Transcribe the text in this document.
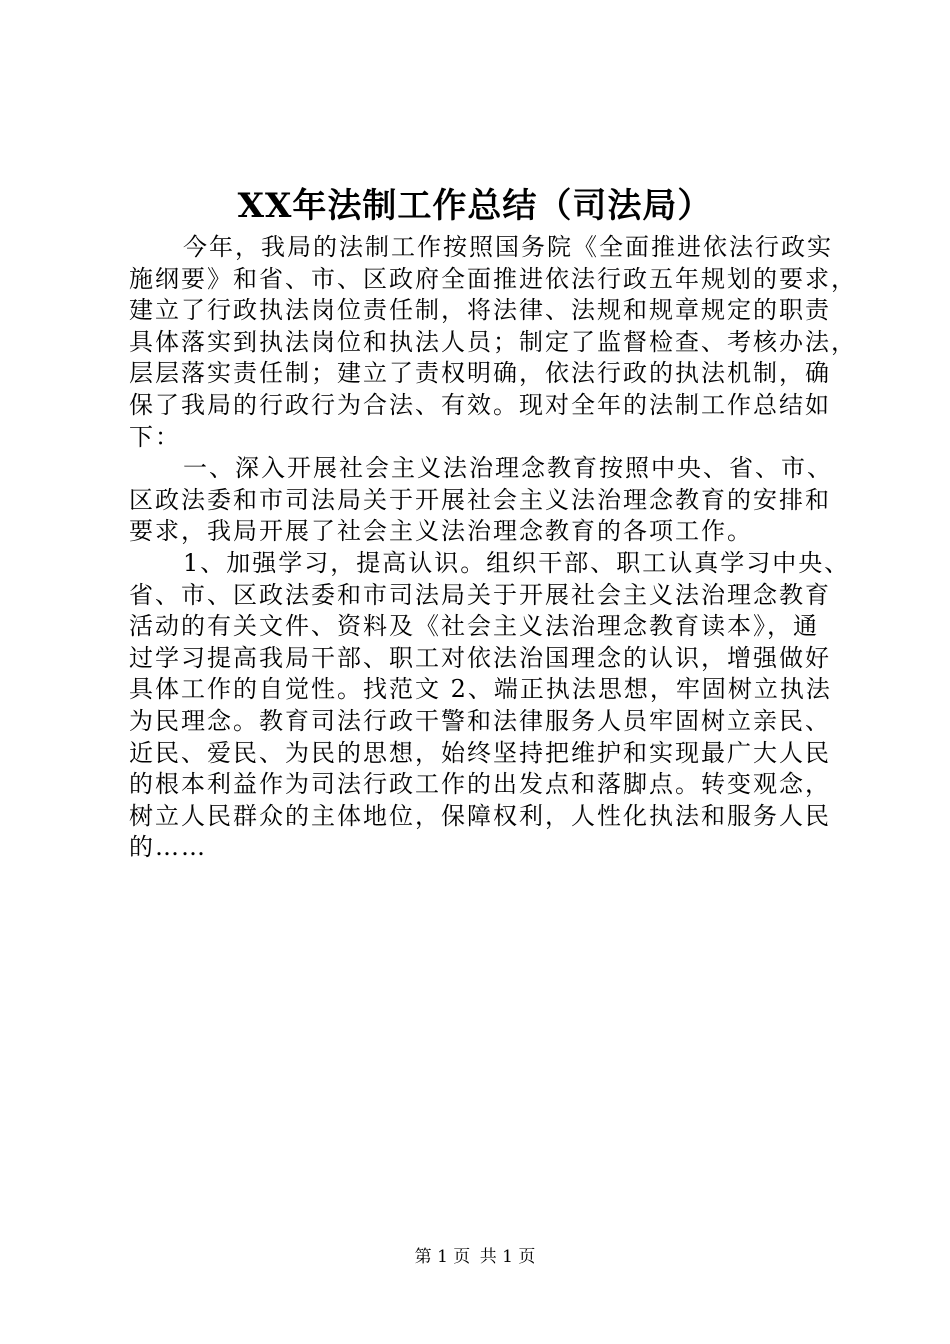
XX年法制工作总结（司法局）
今年，我局的法制工作按照国务院《全面推进依法行政实
施纲要》和省、市、区政府全面推进依法行政五年规划的要求，
建立了行政执法岗位责任制，将法律、法规和规章规定的职责
具体落实到执法岗位和执法人员；制定了监督检查、考核办法，
层层落实责任制；建立了责权明确，依法行政的执法机制，确
保了我局的行政行为合法、有效。现对全年的法制工作总结如
下：
一、深入开展社会主义法治理念教育按照中央、省、市、
区政法委和市司法局关于开展社会主义法治理念教育的安排和
要求，我局开展了社会主义法治理念教育的各项工作。
1、加强学习，提高认识。组织干部、职工认真学习中央、
省、市、区政法委和市司法局关于开展社会主义法治理念教育
活动的有关文件、资料及《社会主义法治理念教育读本》，通
过学习提高我局干部、职工对依法治国理念的认识，增强做好
具体工作的自觉性。找范文 2、端正执法思想，牢固树立执法
为民理念。教育司法行政干警和法律服务人员牢固树立亲民、
近民、爱民、为民的思想，始终坚持把维护和实现最广大人民
的根本利益作为司法行政工作的出发点和落脚点。转变观念，
树立人民群众的主体地位，保障权利，人性化执法和服务人民
的……
第 1 页 共 1 页
